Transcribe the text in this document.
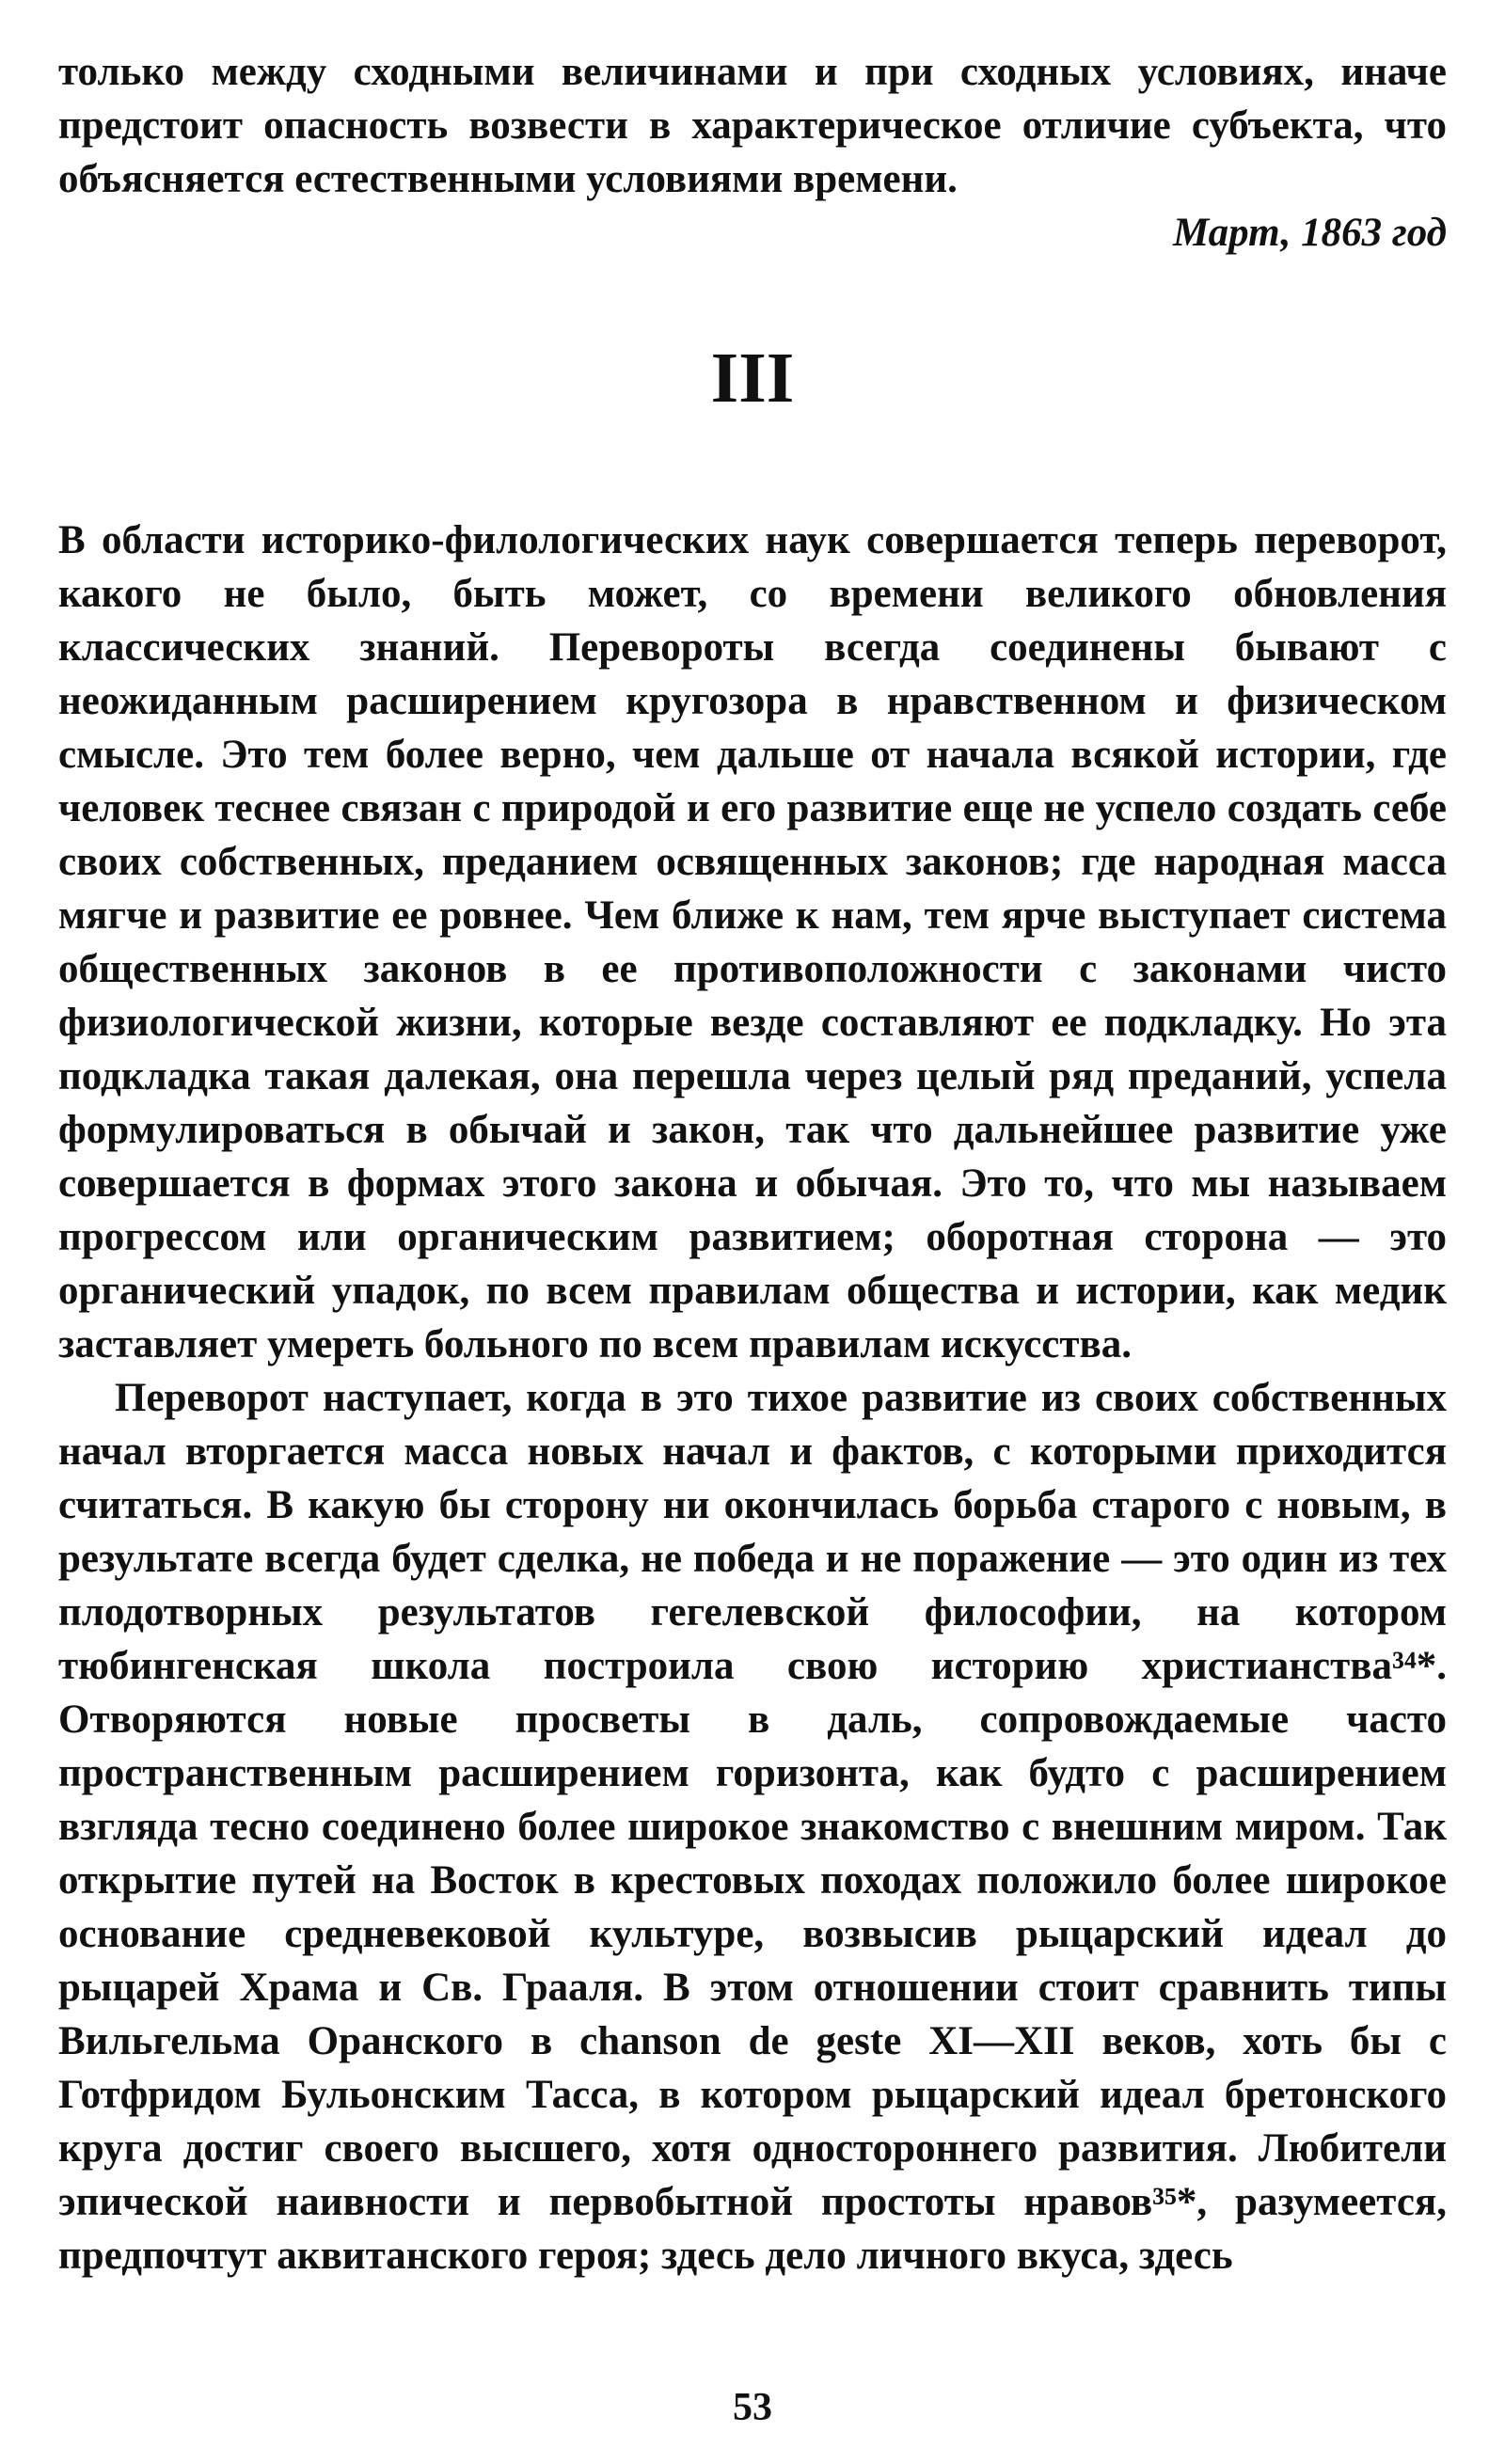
только между сходными величинами и при сходных условиях, иначе предстоит опасность возвести в характерическое отличие субъекта, что объясняется естественными условиями времени.

Март, 1863 год

III

В области историко-филологических наук совершается теперь переворот, какого не было, быть может, со времени великого обновления классических знаний. Перевороты всегда соединены бывают с неожиданным расширением кругозора в нравственном и физическом смысле. Это тем более верно, чем дальше от начала всякой истории, где человек теснее связан с природой и его развитие еще не успело создать себе своих собственных, преданием освященных законов; где народная масса мягче и развитие ее ровнее. Чем ближе к нам, тем ярче выступает система общественных законов в ее противоположности с законами чисто физиологической жизни, которые везде составляют ее подкладку. Но эта подкладка такая далекая, она перешла через целый ряд преданий, успела формулироваться в обычай и закон, так что дальнейшее развитие уже совершается в формах этого закона и обычая. Это то, что мы называем прогрессом или органическим развитием; оборотная сторона — это органический упадок, по всем правилам общества и истории, как медик заставляет умереть больного по всем правилам искусства.

Переворот наступает, когда в это тихое развитие из своих собственных начал вторгается масса новых начал и фактов, с которыми приходится считаться. В какую бы сторону ни окончилась борьба старого с новым, в результате всегда будет сделка, не победа и не поражение — это один из тех плодотворных результатов гегелевской философии, на котором тюбингенская школа построила свою историю христианства³⁴*. Отворяются новые просветы в даль, сопровождаемые часто пространственным расширением горизонта, как будто с расширением взгляда тесно соединено более широкое знакомство с внешним миром. Так открытие путей на Восток в крестовых походах положило более широкое основание средневековой культуре, возвысив рыцарский идеал до рыцарей Храма и Св. Грааля. В этом отношении стоит сравнить типы Вильгельма Оранского в chanson de geste XI—XII веков, хоть бы с Готфридом Бульонским Тасса, в котором рыцарский идеал бретонского круга достиг своего высшего, хотя одностороннего развития. Любители эпической наивности и первобытной простоты нравов³⁵*, разумеется, предпочтут аквитанского героя; здесь дело личного вкуса, здесь

53
